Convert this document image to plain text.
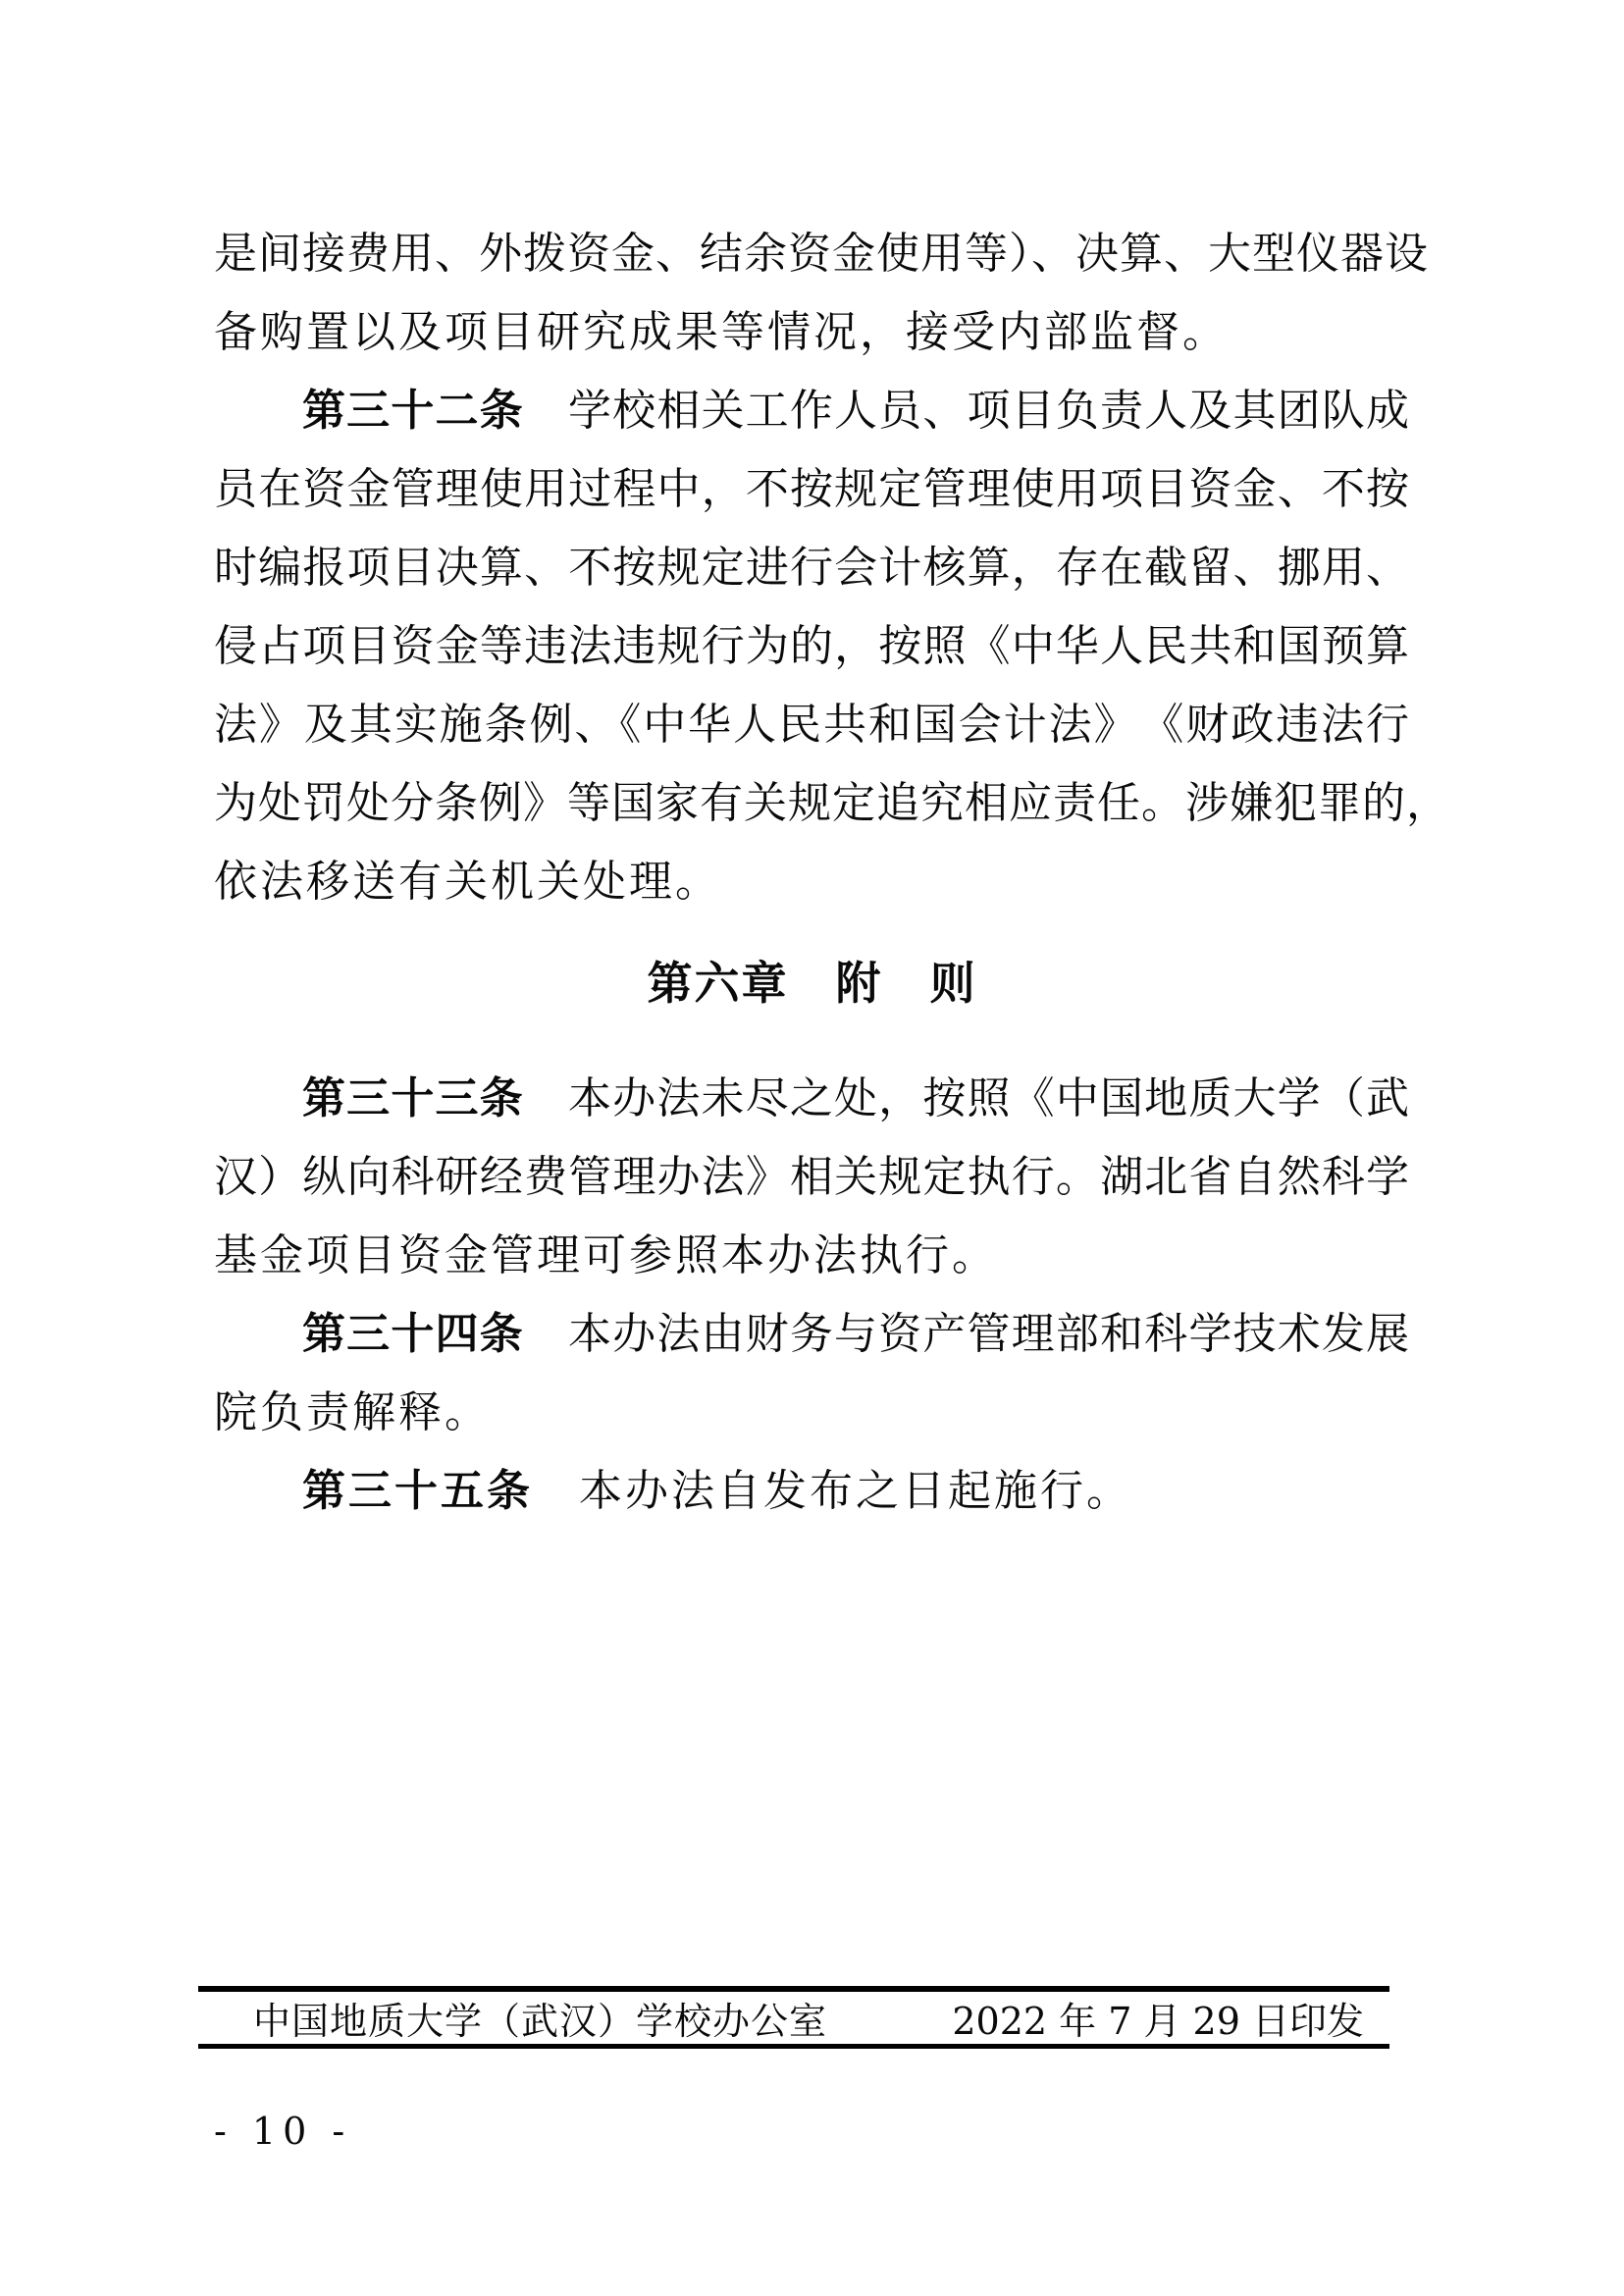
是间接费用、外拨资金、结余资金使用等）、决算、大型仪器设
备购置以及项目研究成果等情况，接受内部监督。
第三十二条　学校相关工作人员、项目负责人及其团队成
员在资金管理使用过程中，不按规定管理使用项目资金、不按
时编报项目决算、不按规定进行会计核算，存在截留、挪用、
侵占项目资金等违法违规行为的，按照《中华人民共和国预算
法》及其实施条例、《中华人民共和国会计法》　《财政违法行
为处罚处分条例》等国家有关规定追究相应责任。涉嫌犯罪的，
依法移送有关机关处理。
第六章　附　则
第三十三条　本办法未尽之处，按照《中国地质大学（武
汉）纵向科研经费管理办法》相关规定执行。湖北省自然科学
基金项目资金管理可参照本办法执行。
第三十四条　本办法由财务与资产管理部和科学技术发展
院负责解释。
第三十五条　本办法自发布之日起施行。
中国地质大学（武汉）学校办公室	2022 年 7 月 29 日印发
- 10 -
